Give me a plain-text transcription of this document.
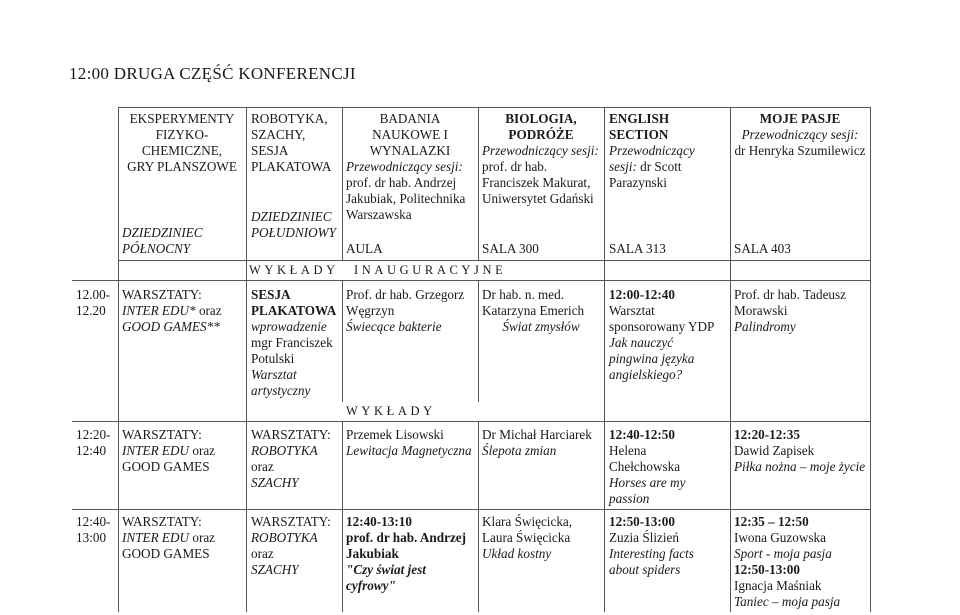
12:00 DRUGA CZĘŚĆ KONFERENCJI
EKSPERYMENTY
FIZYKO-
CHEMICZNE,
GRY PLANSZOWE
DZIEDZINIEC
PÓŁNOCNY
ROBOTYKA,
SZACHY,
SESJA
PLAKATOWA
DZIEDZINIEC
POŁUDNIOWY
BADANIA
NAUKOWE I
WYNALAZKI
Przewodniczący sesji:
prof. dr hab. Andrzej
Jakubiak, Politechnika
Warszawska
AULA
BIOLOGIA,
PODRÓŻE
Przewodniczący sesji:
prof. dr hab.
Franciszek Makurat,
Uniwersytet Gdański
SALA 300
ENGLISH
SECTION
Przewodniczący
sesji: dr Scott
Parazynski
SALA 313
MOJE PASJE
Przewodniczący sesji:
dr Henryka Szumilewicz
SALA 403
WYKŁADY INAUGURACYJNE
12.00-
12.20
WARSZTATY:
INTER EDU* oraz
GOOD GAMES**
SESJA
PLAKATOWA
wprowadzenie
mgr Franciszek
Potulski
Warsztat
artystyczny
Prof. dr hab. Grzegorz
Węgrzyn
Świecące bakterie
Dr hab. n. med.
Katarzyna Emerich
Świat zmysłów
12:00-12:40
Warsztat
sponsorowany YDP
Jak nauczyć
pingwina języka
angielskiego?
Prof. dr hab. Tadeusz
Morawski
Palindromy
WYKŁADY
12:20-
12:40
WARSZTATY:
INTER EDU oraz
GOOD GAMES
WARSZTATY:
ROBOTYKA
oraz
SZACHY
Przemek Lisowski
Lewitacja Magnetyczna
Dr Michał Harciarek
Ślepota zmian
12:40-12:50
Helena
Chełchowska
Horses are my
passion
12:20-12:35
Dawid Zapisek
Piłka nożna – moje życie
12:40-
13:00
WARSZTATY:
INTER EDU oraz
GOOD GAMES
WARSZTATY:
ROBOTYKA
oraz
SZACHY
12:40-13:10
prof. dr hab. Andrzej
Jakubiak
"Czy świat jest
cyfrowy"
Klara Święcicka,
Laura Święcicka
Układ kostny
12:50-13:00
Zuzia Ślizień
Interesting facts
about spiders
12:35 – 12:50
Iwona Guzowska
Sport - moja pasja
12:50-13:00
Ignacja Maśniak
Taniec – moja pasja
